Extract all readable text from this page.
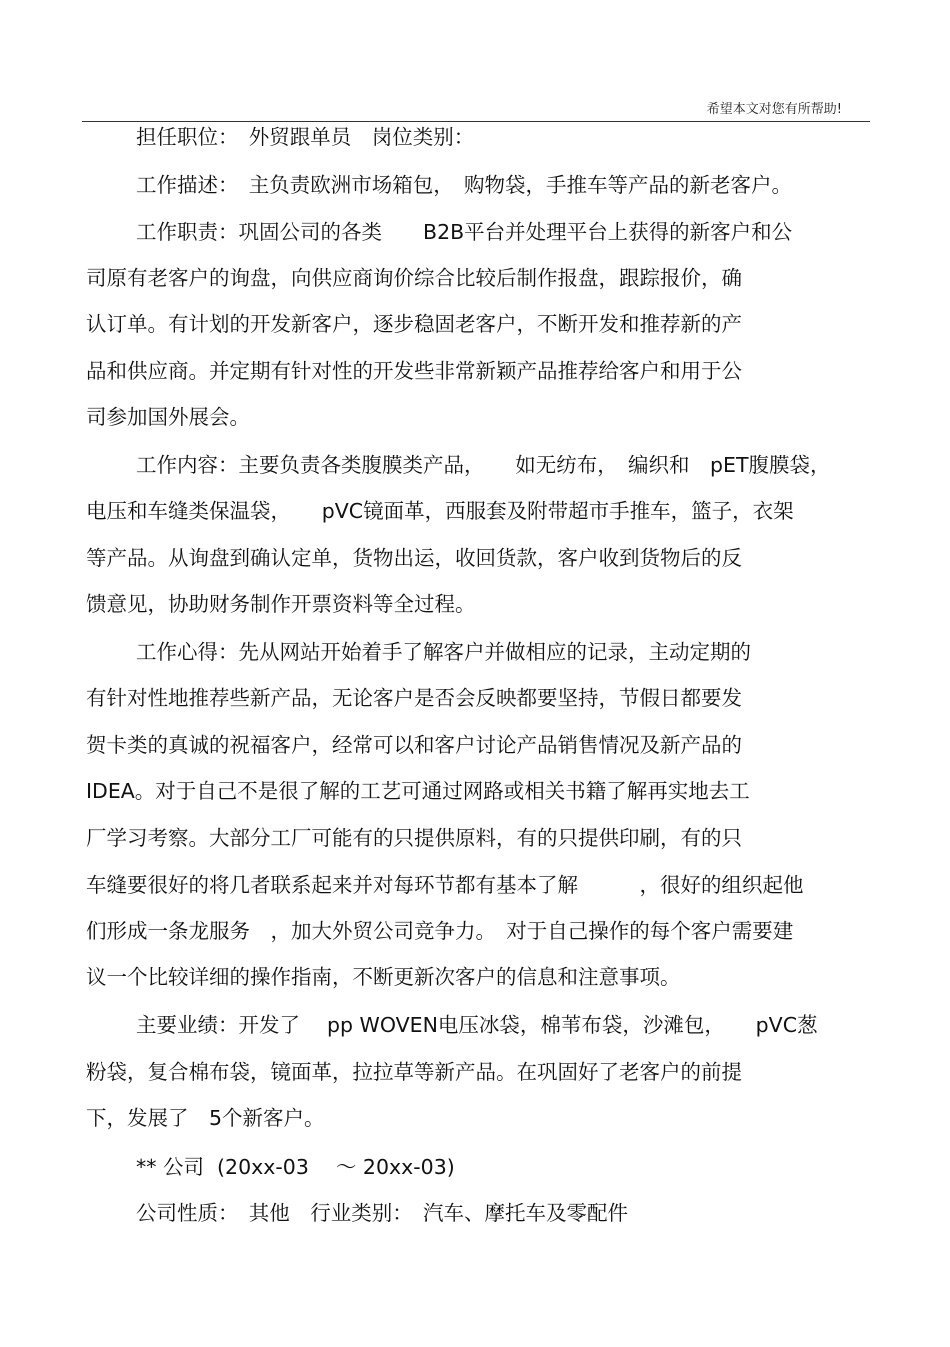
希望本文对您有所帮助!
担任职位：　外贸跟单员　岗位类别：
工作描述：　主负责欧洲市场箱包，　购物袋，手推车等产品的新老客户。
工作职责：巩固公司的各类　　B2B平台并处理平台上获得的新客户和公
司原有老客户的询盘，向供应商询价综合比较后制作报盘，跟踪报价，确
认订单。有计划的开发新客户，逐步稳固老客户，不断开发和推荐新的产
品和供应商。并定期有针对性的开发些非常新颖产品推荐给客户和用于公
司参加国外展会。
工作内容：主要负责各类腹膜类产品，　　如无纺布，　编织和　pET腹膜袋，
电压和车缝类保温袋，　　pVC镜面革，西服套及附带超市手推车，篮子，衣架
等产品。从询盘到确认定单，货物出运，收回货款，客户收到货物后的反
馈意见，协助财务制作开票资料等全过程。
工作心得：先从网站开始着手了解客户并做相应的记录，主动定期的
有针对性地推荐些新产品，无论客户是否会反映都要坚持，节假日都要发
贺卡类的真诚的祝福客户，经常可以和客户讨论产品销售情况及新产品的
IDEA。对于自己不是很了解的工艺可通过网路或相关书籍了解再实地去工
厂学习考察。大部分工厂可能有的只提供原料，有的只提供印刷，有的只
车缝要很好的将几者联系起来并对每环节都有基本了解　　　，很好的组织起他
们形成一条龙服务　，加大外贸公司竞争力。　对于自己操作的每个客户需要建
议一个比较详细的操作指南，不断更新次客户的信息和注意事项。
主要业绩：开发了　 pp WOVEN电压冰袋，棉苇布袋，沙滩包，　　pVC葱
粉袋，复合棉布袋，镜面革，拉拉草等新产品。在巩固好了老客户的前提
下，发展了　5个新客户。
** 公司  (20xx-03　 ～ 20xx-03)
公司性质：　其他　行业类别：　汽车、摩托车及零配件
